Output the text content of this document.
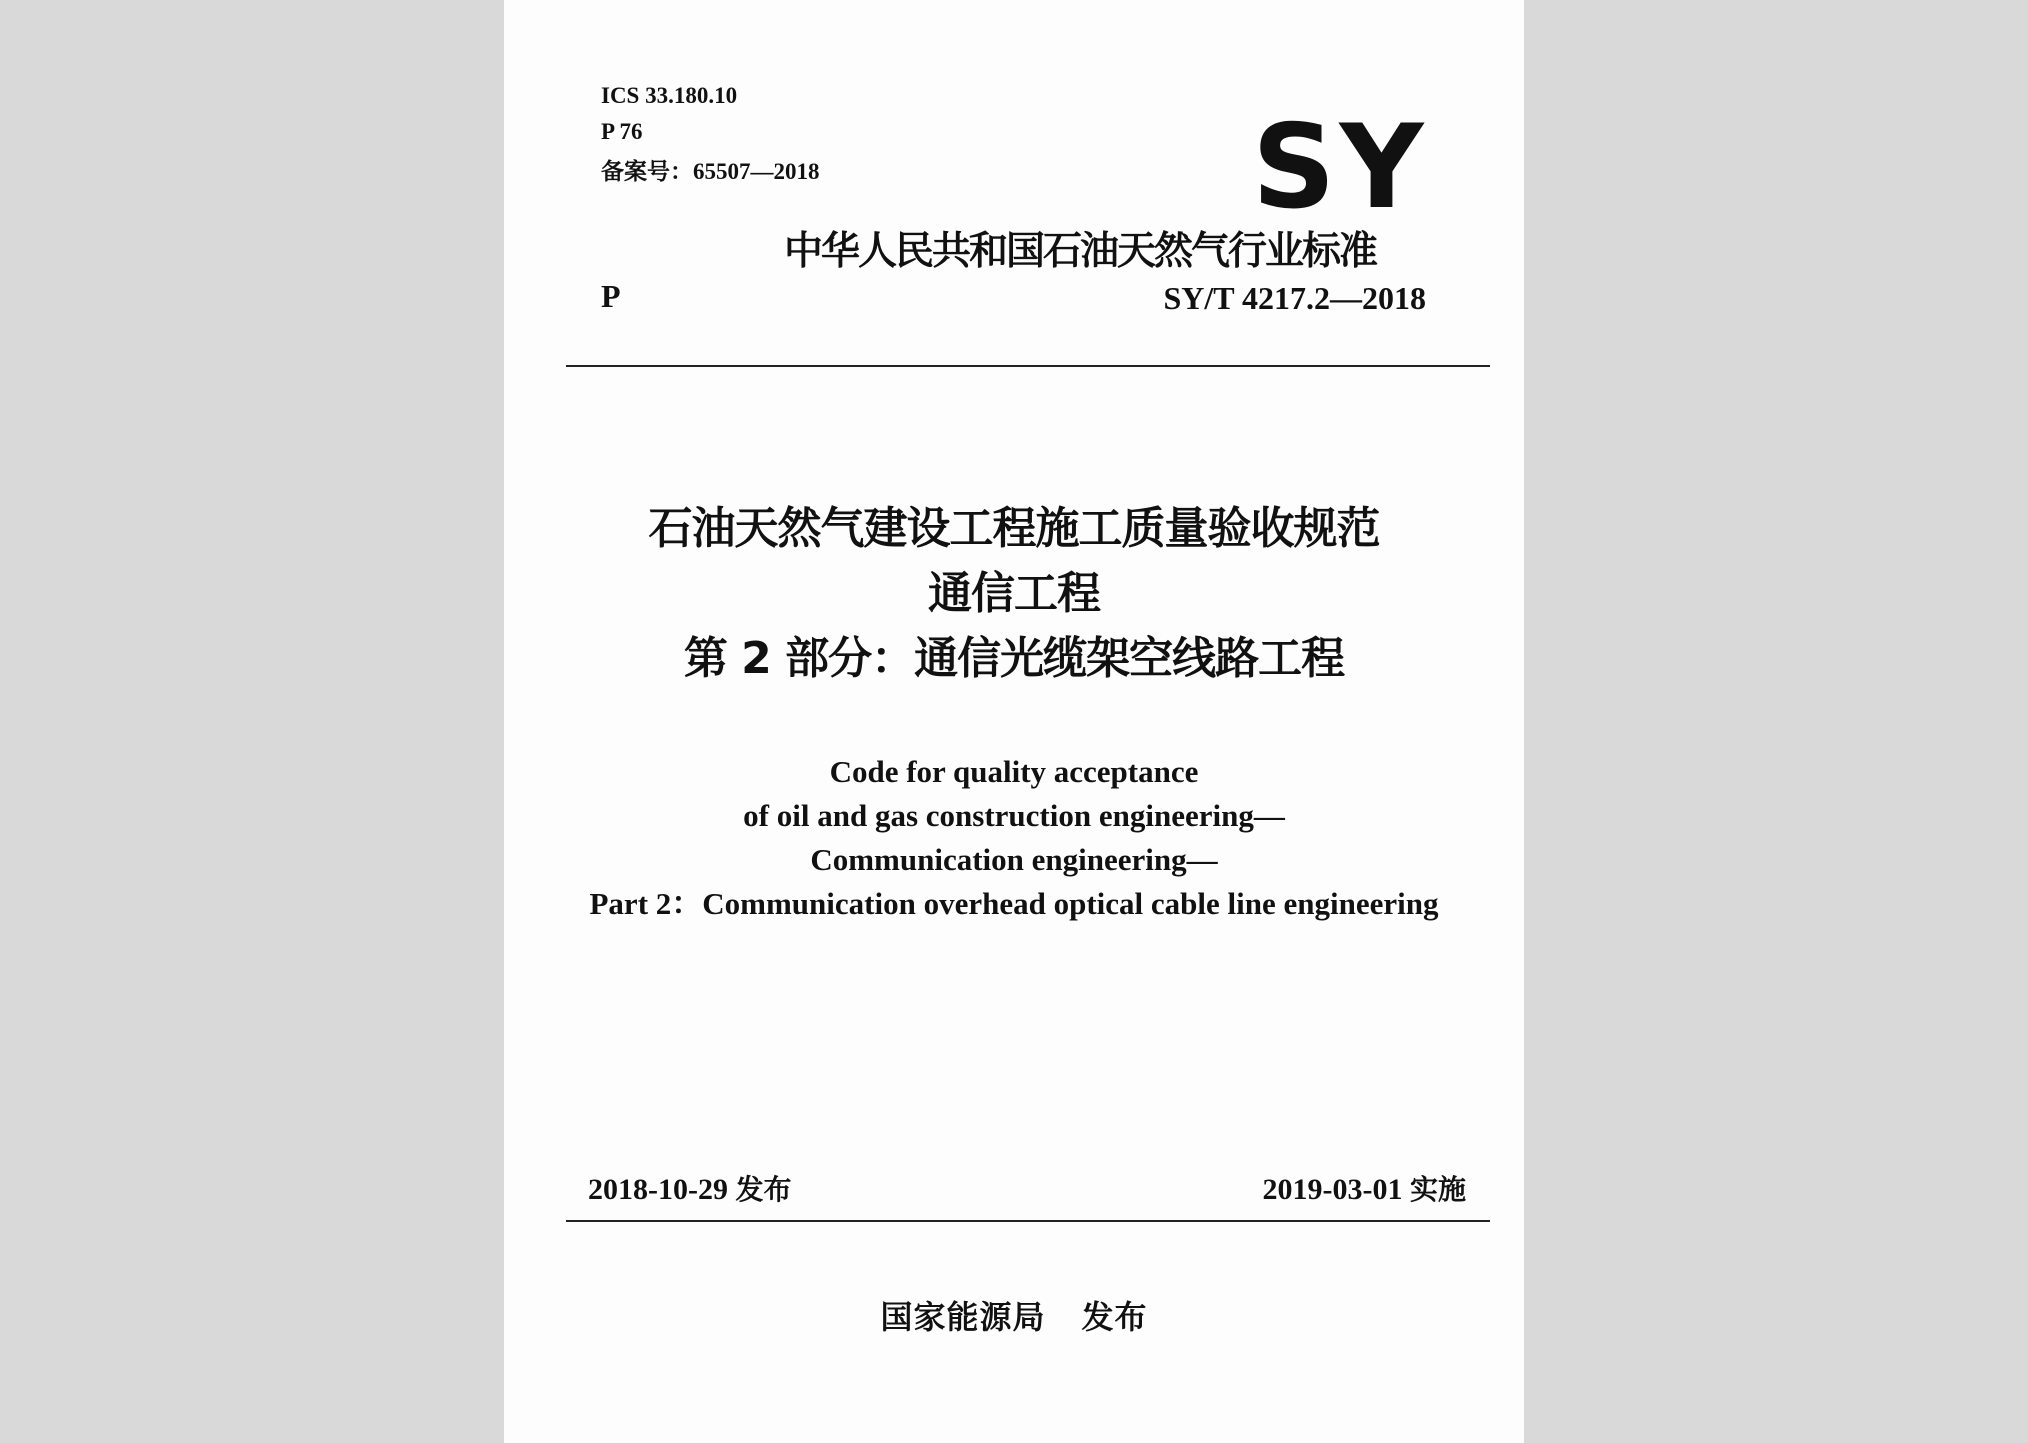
ICS 33.180.10
P 76
备案号：65507—2018	SY
中华人民共和国石油天然气行业标准
P	SY/T 4217.2—2018
石油天然气建设工程施工质量验收规范
通信工程
第 2 部分：通信光缆架空线路工程
Code for quality acceptance
of oil and gas construction engineering—
Communication engineering—
Part 2：Communication overhead optical cable line engineering
2018-10-29 发布	2019-03-01 实施
国家能源局 发布
